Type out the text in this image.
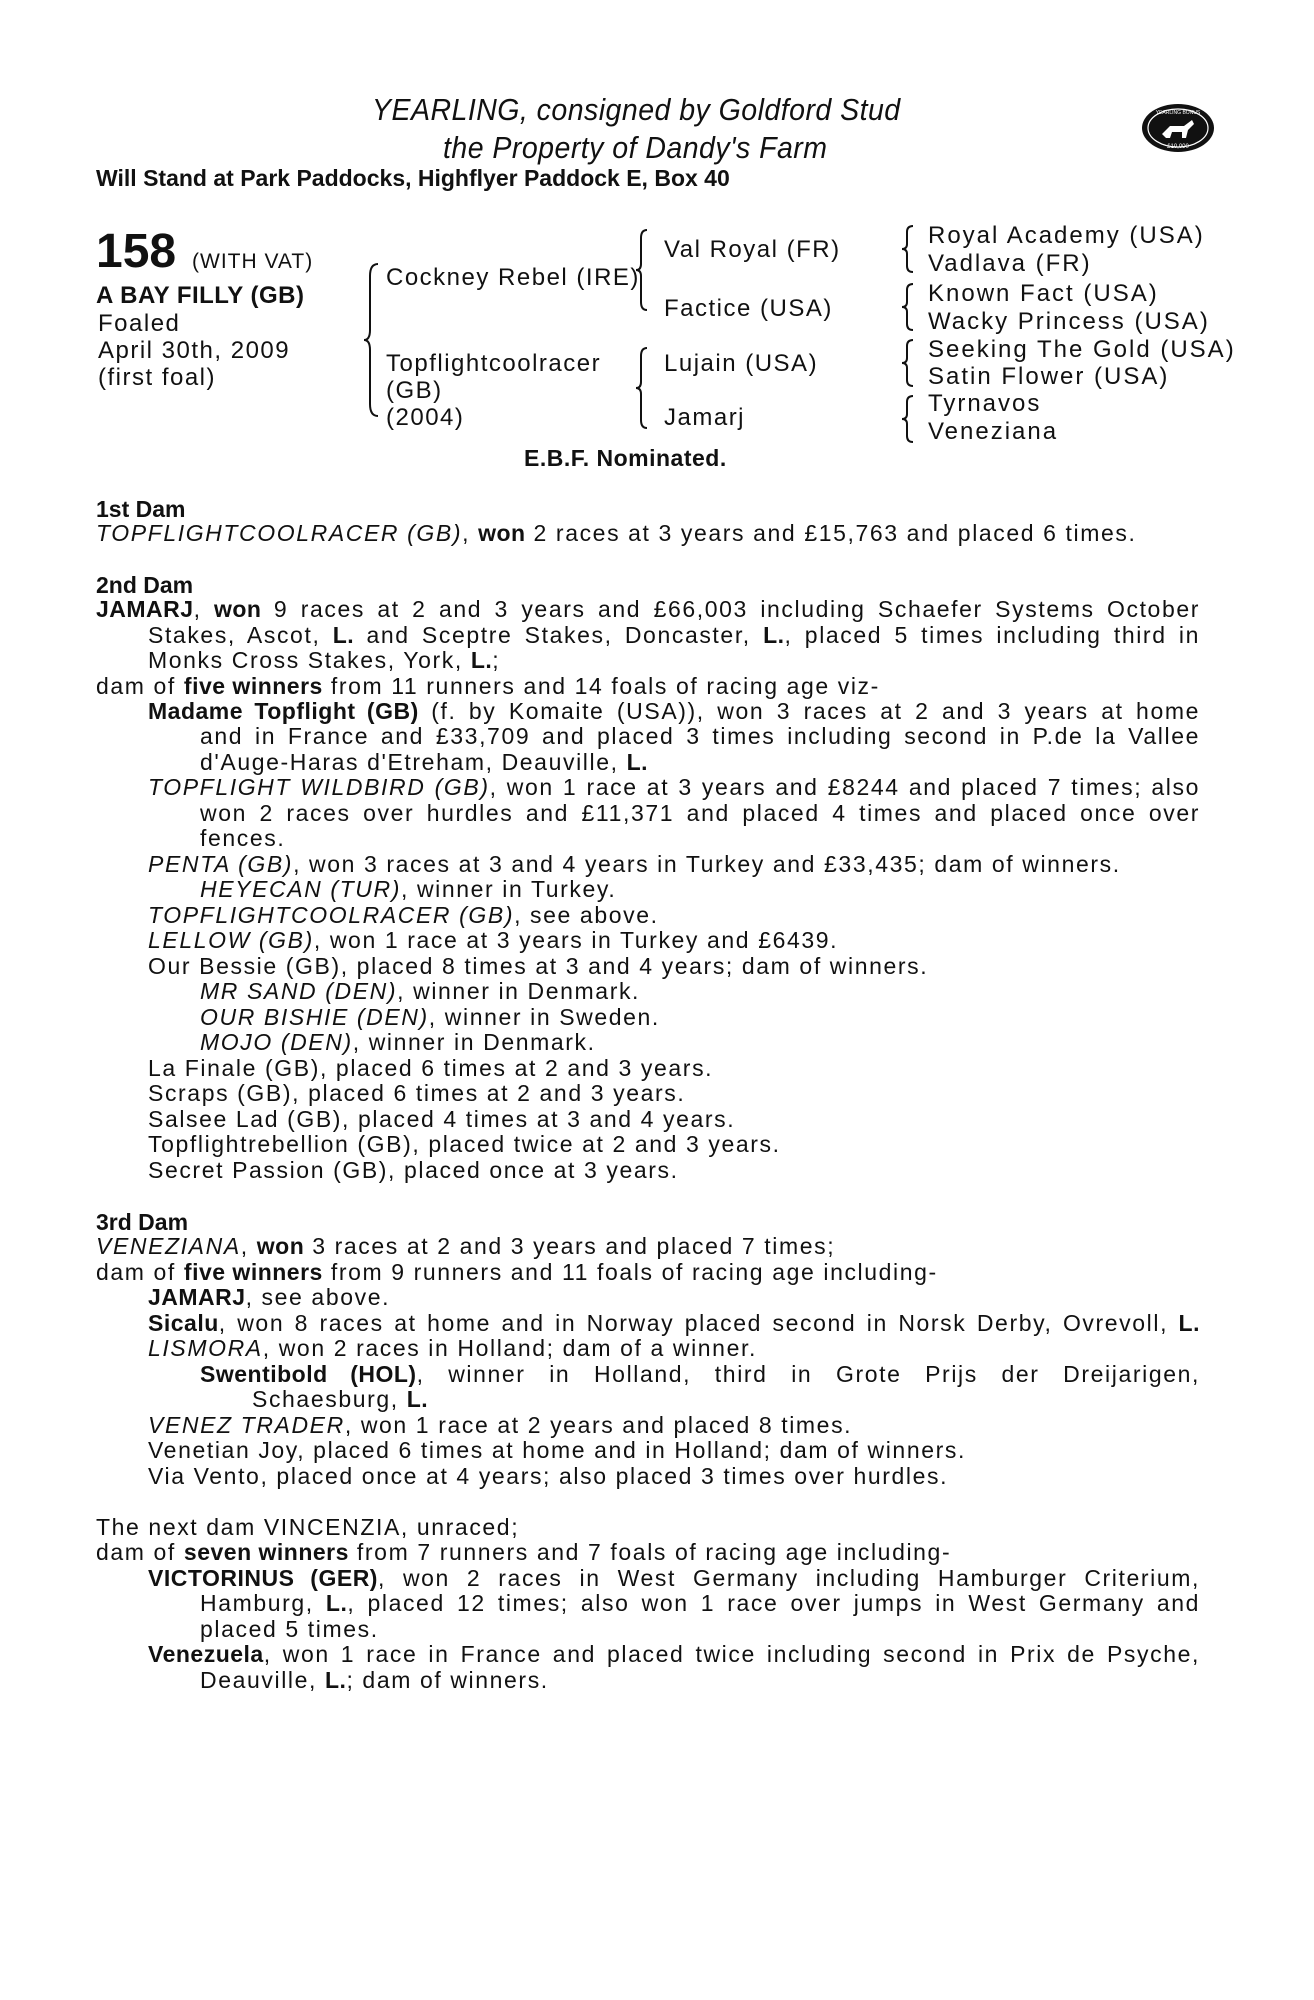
YEARLING, consigned by Goldford Stud
the Property of Dandy's Farm
Will Stand at Park Paddocks, Highflyer Paddock E, Box 40
YEARLING BONUS
£10,000
158 (WITH VAT)
A BAY FILLY (GB)
Foaled
April 30th, 2009
(first foal)
Cockney Rebel (IRE)
Topflightcoolracer
(GB)
(2004)
Val Royal (FR)
Factice (USA)
Lujain (USA)
Jamarj
Royal Academy (USA)
Vadlava (FR)
Known Fact (USA)
Wacky Princess (USA)
Seeking The Gold (USA)
Satin Flower (USA)
Tyrnavos
Veneziana
E.B.F. Nominated.
1st Dam
TOPFLIGHTCOOLRACER (GB), won 2 races at 3 years and £15,763 and placed 6 times.
2nd Dam
JAMARJ, won 9 races at 2 and 3 years and £66,003 including Schaefer Systems October
Stakes, Ascot, L. and Sceptre Stakes, Doncaster, L., placed 5 times including third in
Monks Cross Stakes, York, L.;
dam of five winners from 11 runners and 14 foals of racing age viz-
Madame Topflight (GB) (f. by Komaite (USA)), won 3 races at 2 and 3 years at home
and in France and £33,709 and placed 3 times including second in P.de la Vallee
d'Auge-Haras d'Etreham, Deauville, L.
TOPFLIGHT WILDBIRD (GB), won 1 race at 3 years and £8244 and placed 7 times; also
won 2 races over hurdles and £11,371 and placed 4 times and placed once over
fences.
PENTA (GB), won 3 races at 3 and 4 years in Turkey and £33,435; dam of winners.
HEYECAN (TUR), winner in Turkey.
TOPFLIGHTCOOLRACER (GB), see above.
LELLOW (GB), won 1 race at 3 years in Turkey and £6439.
Our Bessie (GB), placed 8 times at 3 and 4 years; dam of winners.
MR SAND (DEN), winner in Denmark.
OUR BISHIE (DEN), winner in Sweden.
MOJO (DEN), winner in Denmark.
La Finale (GB), placed 6 times at 2 and 3 years.
Scraps (GB), placed 6 times at 2 and 3 years.
Salsee Lad (GB), placed 4 times at 3 and 4 years.
Topflightrebellion (GB), placed twice at 2 and 3 years.
Secret Passion (GB), placed once at 3 years.
3rd Dam
VENEZIANA, won 3 races at 2 and 3 years and placed 7 times;
dam of five winners from 9 runners and 11 foals of racing age including-
JAMARJ, see above.
Sicalu, won 8 races at home and in Norway placed second in Norsk Derby, Ovrevoll, L.
LISMORA, won 2 races in Holland; dam of a winner.
Swentibold (HOL), winner in Holland, third in Grote Prijs der Dreijarigen,
Schaesburg, L.
VENEZ TRADER, won 1 race at 2 years and placed 8 times.
Venetian Joy, placed 6 times at home and in Holland; dam of winners.
Via Vento, placed once at 4 years; also placed 3 times over hurdles.
The next dam VINCENZIA, unraced;
dam of seven winners from 7 runners and 7 foals of racing age including-
VICTORINUS (GER), won 2 races in West Germany including Hamburger Criterium,
Hamburg, L., placed 12 times; also won 1 race over jumps in West Germany and
placed 5 times.
Venezuela, won 1 race in France and placed twice including second in Prix de Psyche,
Deauville, L.; dam of winners.
